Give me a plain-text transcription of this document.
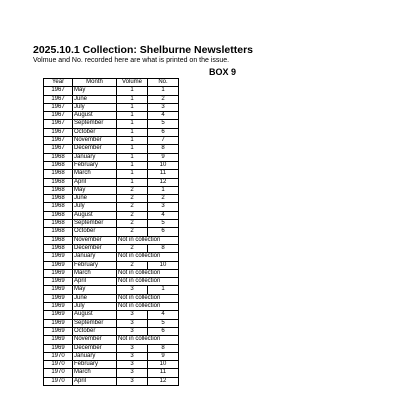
2025.10.1 Collection: Shelburne Newsletters
Volmue and No. recorded here are what is printed on the issue.
BOX 9
Year	Month	Volume	No.
1967	May	1	1
1967	June	1	2
1967	July	1	3
1967	August	1	4
1967	September	1	5
1967	October	1	6
1967	November	1	7
1967	December	1	8
1968	January	1	9
1968	February	1	10
1968	March	1	11
1968	April	1	12
1968	May	2	1
1968	June	2	2
1968	July	2	3
1968	August	2	4
1968	September	2	5
1968	October	2	6
1968	November	Not in collection	
1968	December	2	8
1969	January	Not in collection	
1969	February	2	10
1969	March	Not in collection	
1969	April	Not in collection	
1969	May	3	1
1969	June	Not in collection	
1969	July	Not in collection	
1969	August	3	4
1969	September	3	5
1969	October	3	6
1969	November	Not in collection	
1969	December	3	8
1970	January	3	9
1970	February	3	10
1970	March	3	11
1970	April	3	12
